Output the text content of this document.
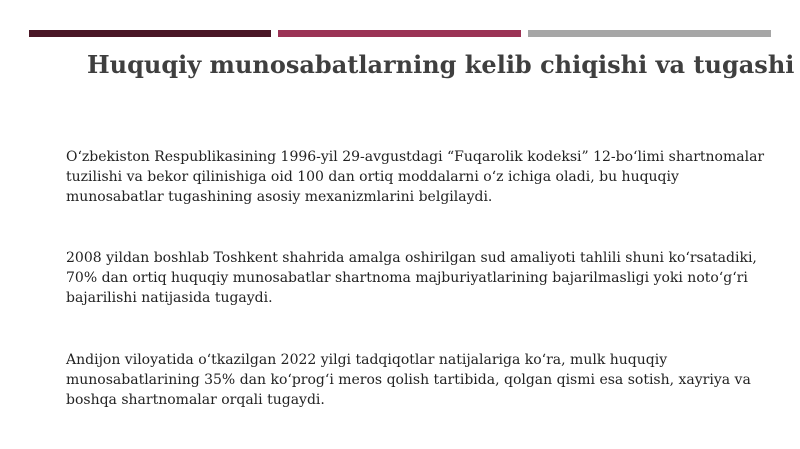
Huquqiy munosabatlarning kelib chiqishi va tugashi

O‘zbekiston Respublikasining 1996-yil 29-avgustdagi “Fuqarolik kodeksi” 12-bo‘limi shartnomalar tuzilishi va bekor qilinishiga oid 100 dan ortiq moddalarni o‘z ichiga oladi, bu huquqiy munosabatlar tugashining asosiy mexanizmlarini belgilaydi.

2008 yildan boshlab Toshkent shahrida amalga oshirilgan sud amaliyoti tahlili shuni ko‘rsatadiki, 70% dan ortiq huquqiy munosabatlar shartnoma majburiyatlarining bajarilmasligi yoki noto‘g‘ri bajarilishi natijasida tugaydi.

Andijon viloyatida o‘tkazilgan 2022 yilgi tadqiqotlar natijalariga ko‘ra, mulk huquqiy munosabatlarining 35% dan ko‘prog‘i meros qolish tartibida, qolgan qismi esa sotish, xayriya va boshqa shartnomalar orqali tugaydi.
